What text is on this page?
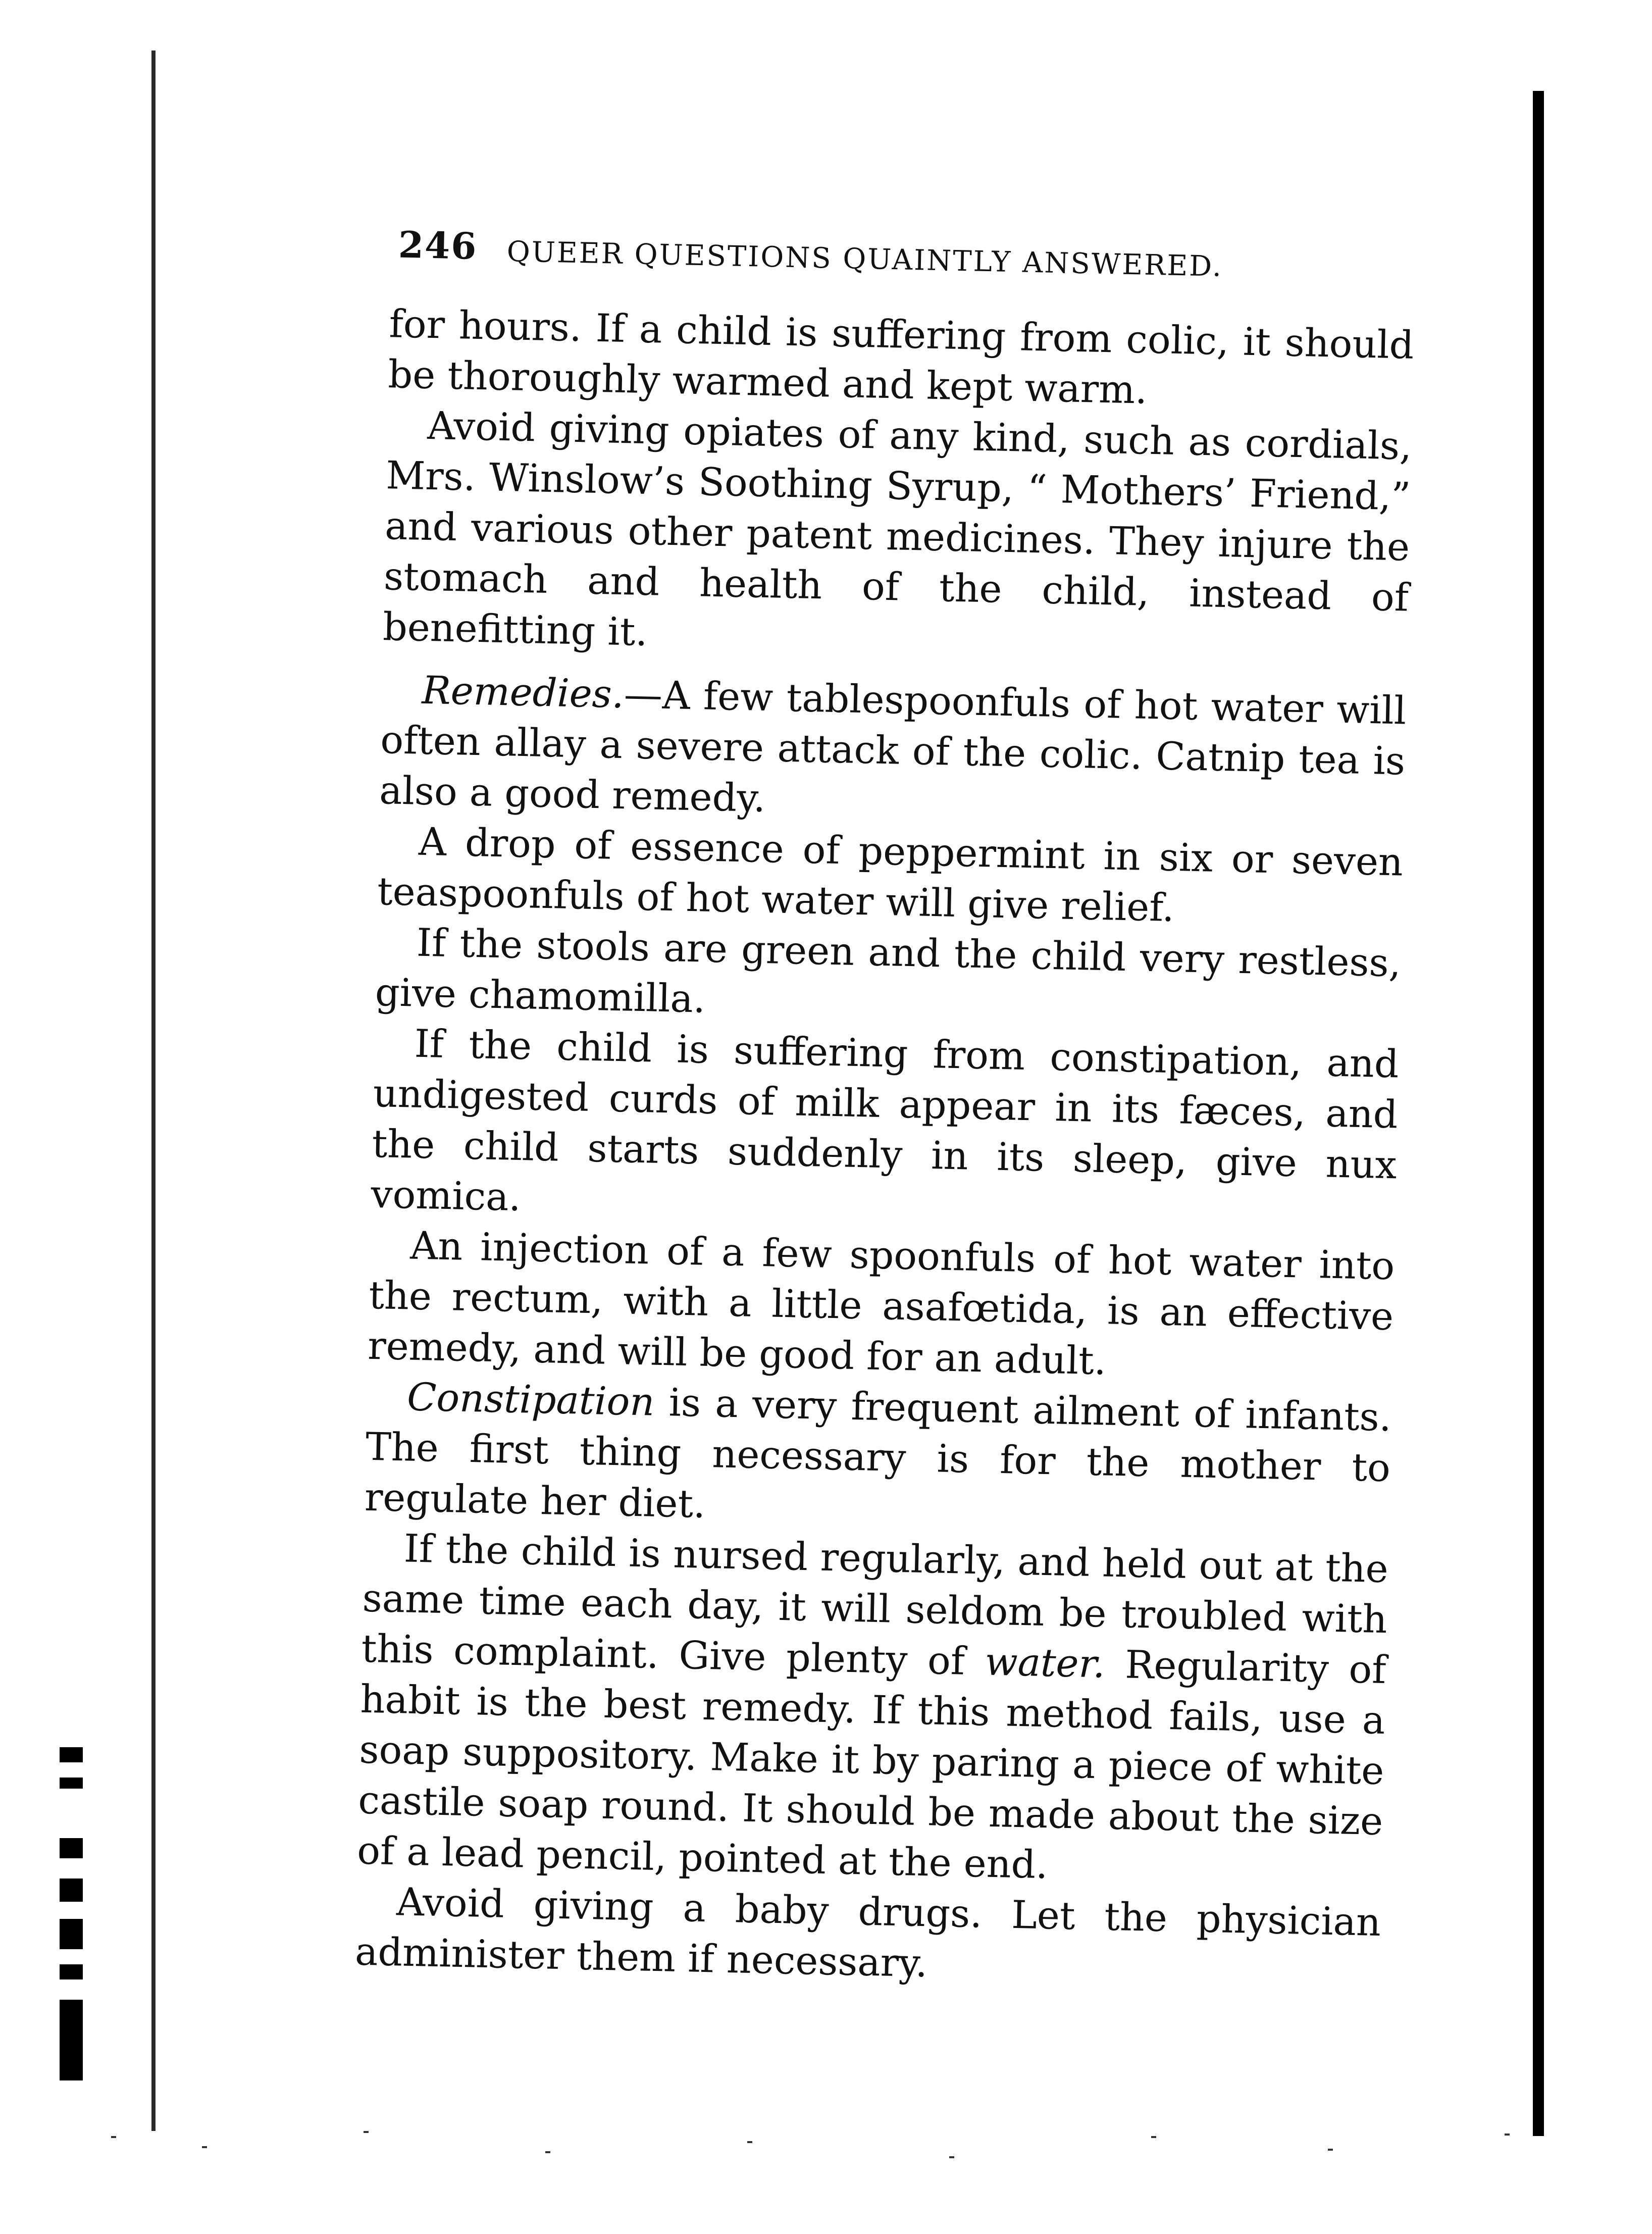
246 QUEER QUESTIONS QUAINTLY ANSWERED.

for hours. If a child is suffering from colic, it should be thoroughly warmed and kept warm.

Avoid giving opiates of any kind, such as cordials, Mrs. Winslow’s Soothing Syrup, “ Mothers’ Friend,” and various other patent medicines. They injure the stomach and health of the child, instead of benefitting it.

Remedies.—A few tablespoonfuls of hot water will often allay a severe attack of the colic. Catnip tea is also a good remedy.

A drop of essence of peppermint in six or seven teaspoonfuls of hot water will give relief.

If the stools are green and the child very restless, give chamomilla.

If the child is suffering from constipation, and undigested curds of milk appear in its fæces, and the child starts suddenly in its sleep, give nux vomica.

An injection of a few spoonfuls of hot water into the rectum, with a little asafœtida, is an effective remedy, and will be good for an adult.

Constipation is a very frequent ailment of infants. The first thing necessary is for the mother to regulate her diet.

If the child is nursed regularly, and held out at the same time each day, it will seldom be troubled with this complaint. Give plenty of water. Regularity of habit is the best remedy. If this method fails, use a soap suppository. Make it by paring a piece of white castile soap round. It should be made about the size of a lead pencil, pointed at the end.

Avoid giving a baby drugs. Let the physician administer them if necessary.
